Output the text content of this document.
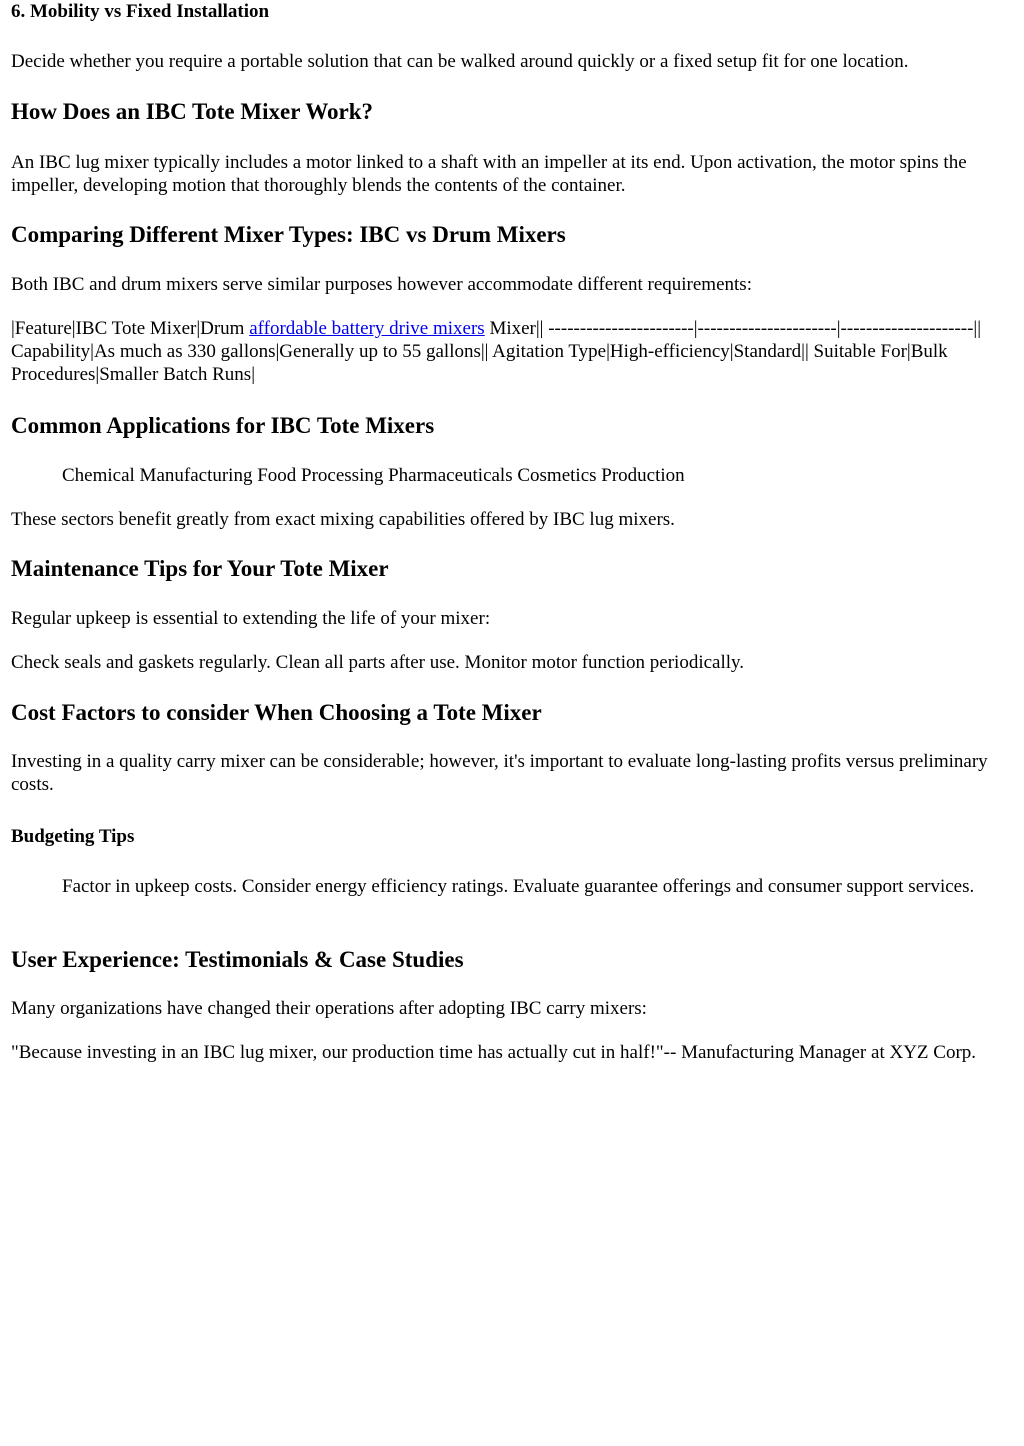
6. Mobility vs Fixed Installation

Decide whether you require a portable solution that can be walked around quickly or a fixed setup fit for one location.

How Does an IBC Tote Mixer Work?

An IBC lug mixer typically includes a motor linked to a shaft with an impeller at its end. Upon activation, the motor spins the impeller, developing motion that thoroughly blends the contents of the container.

Comparing Different Mixer Types: IBC vs Drum Mixers

Both IBC and drum mixers serve similar purposes however accommodate different requirements:

|Feature|IBC Tote Mixer|Drum affordable battery drive mixers Mixer|| -----------------------|----------------------|---------------------|| Capability|As much as 330 gallons|Generally up to 55 gallons|| Agitation Type|High-efficiency|Standard|| Suitable For|Bulk Procedures|Smaller Batch Runs|

Common Applications for IBC Tote Mixers

Chemical Manufacturing Food Processing Pharmaceuticals Cosmetics Production

These sectors benefit greatly from exact mixing capabilities offered by IBC lug mixers.

Maintenance Tips for Your Tote Mixer

Regular upkeep is essential to extending the life of your mixer:

Check seals and gaskets regularly. Clean all parts after use. Monitor motor function periodically.

Cost Factors to consider When Choosing a Tote Mixer

Investing in a quality carry mixer can be considerable; however, it's important to evaluate long-lasting profits versus preliminary costs.

Budgeting Tips

Factor in upkeep costs. Consider energy efficiency ratings. Evaluate guarantee offerings and consumer support services.

User Experience: Testimonials & Case Studies

Many organizations have changed their operations after adopting IBC carry mixers:

"Because investing in an IBC lug mixer, our production time has actually cut in half!"-- Manufacturing Manager at XYZ Corp.
